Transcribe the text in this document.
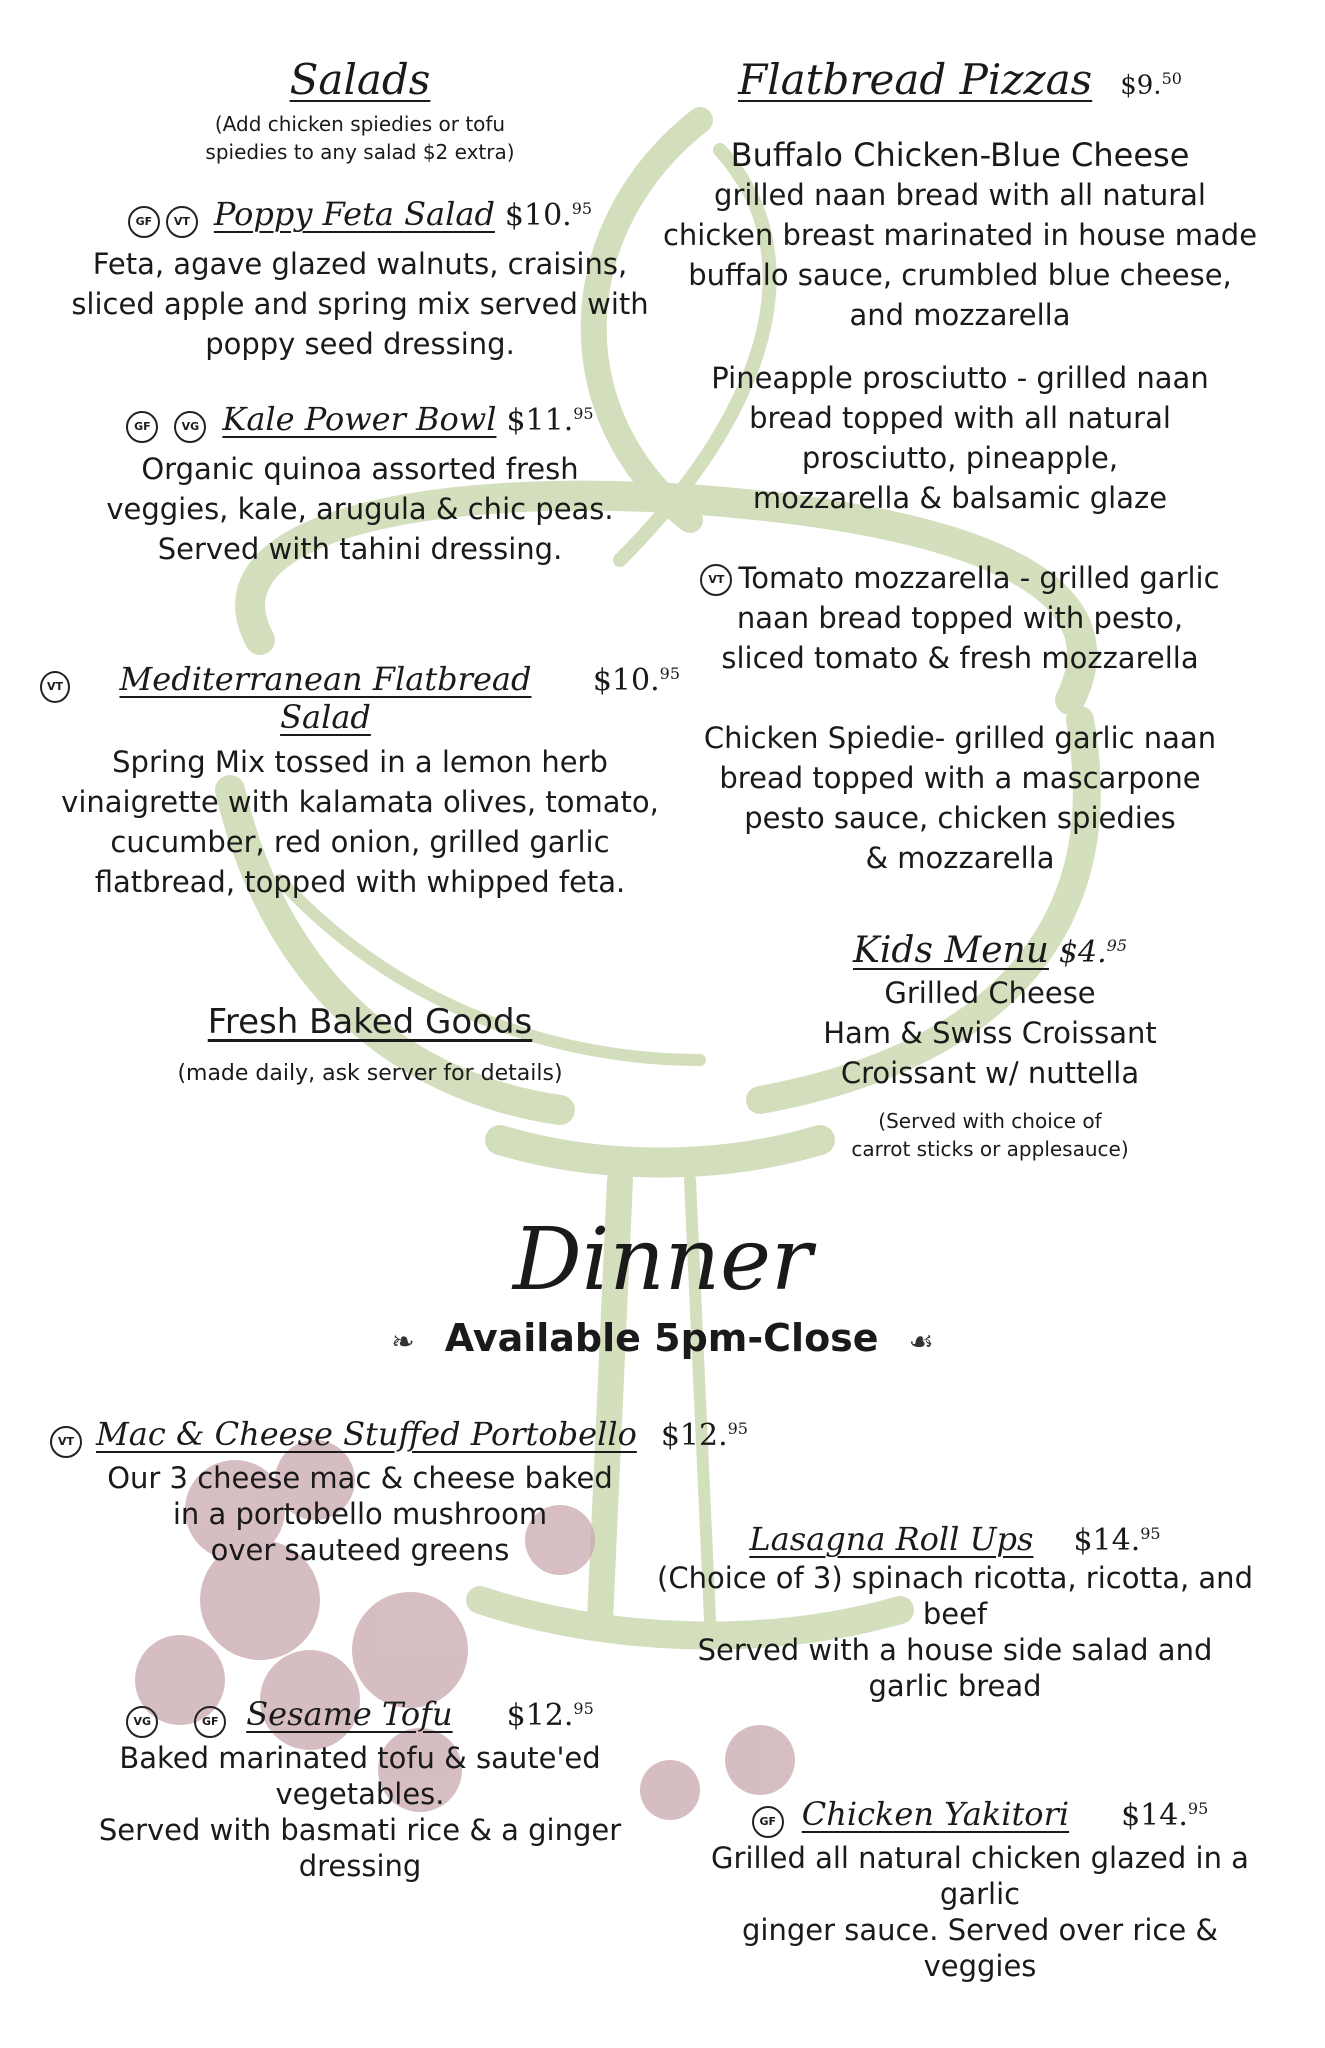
Salads
(Add chicken spiedies or tofu
spiedies to any salad $2 extra)
GF	VT Poppy Feta Salad $10.95
Feta, agave glazed walnuts, craisins,
sliced apple and spring mix served with
poppy seed dressing.
GF	VG Kale Power Bowl $11.95
Organic quinoa assorted fresh
veggies, kale, arugula & chic peas.
Served with tahini dressing.
VT	Mediterranean Flatbread Salad
$10.95
Spring Mix tossed in a lemon herb
vinaigrette with kalamata olives, tomato,
cucumber, red onion, grilled garlic
flatbread, topped with whipped feta.
Flatbread Pizzas $9.50
Buffalo Chicken-Blue Cheese
grilled naan bread with all natural
chicken breast marinated in house made
buffalo sauce, crumbled blue cheese,
and mozzarella
Pineapple prosciutto - grilled naan
bread topped with all natural
prosciutto, pineapple,
mozzarella & balsamic glaze
VT Tomato mozzarella - grilled garlic
naan bread topped with pesto,
sliced tomato & fresh mozzarella
Chicken Spiedie- grilled garlic naan
bread topped with a mascarpone
pesto sauce, chicken spiedies
& mozzarella
Kids Menu $4.95
Grilled Cheese
Ham & Swiss Croissant
Croissant w/ nuttella
(Served with choice of
carrot sticks or applesauce)
Fresh Baked Goods
(made daily, ask server for details)
Dinner
❧ Available 5pm-Close ☙
VT Mac & Cheese Stuffed Portobello $12.95
Our 3 cheese mac & cheese baked
in a portobello mushroom
over sauteed greens	Lasagna Roll Ups $14.95
(Choice of 3) spinach ricotta, ricotta, and beef
Served with a house side salad and
garlic bread
VG	GF Sesame Tofu $12.95
Baked marinated tofu & saute'ed vegetables.
Served with basmati rice & a ginger dressing
GF Chicken Yakitori $14.95
Grilled all natural chicken glazed in a garlic
ginger sauce. Served over rice & veggies
